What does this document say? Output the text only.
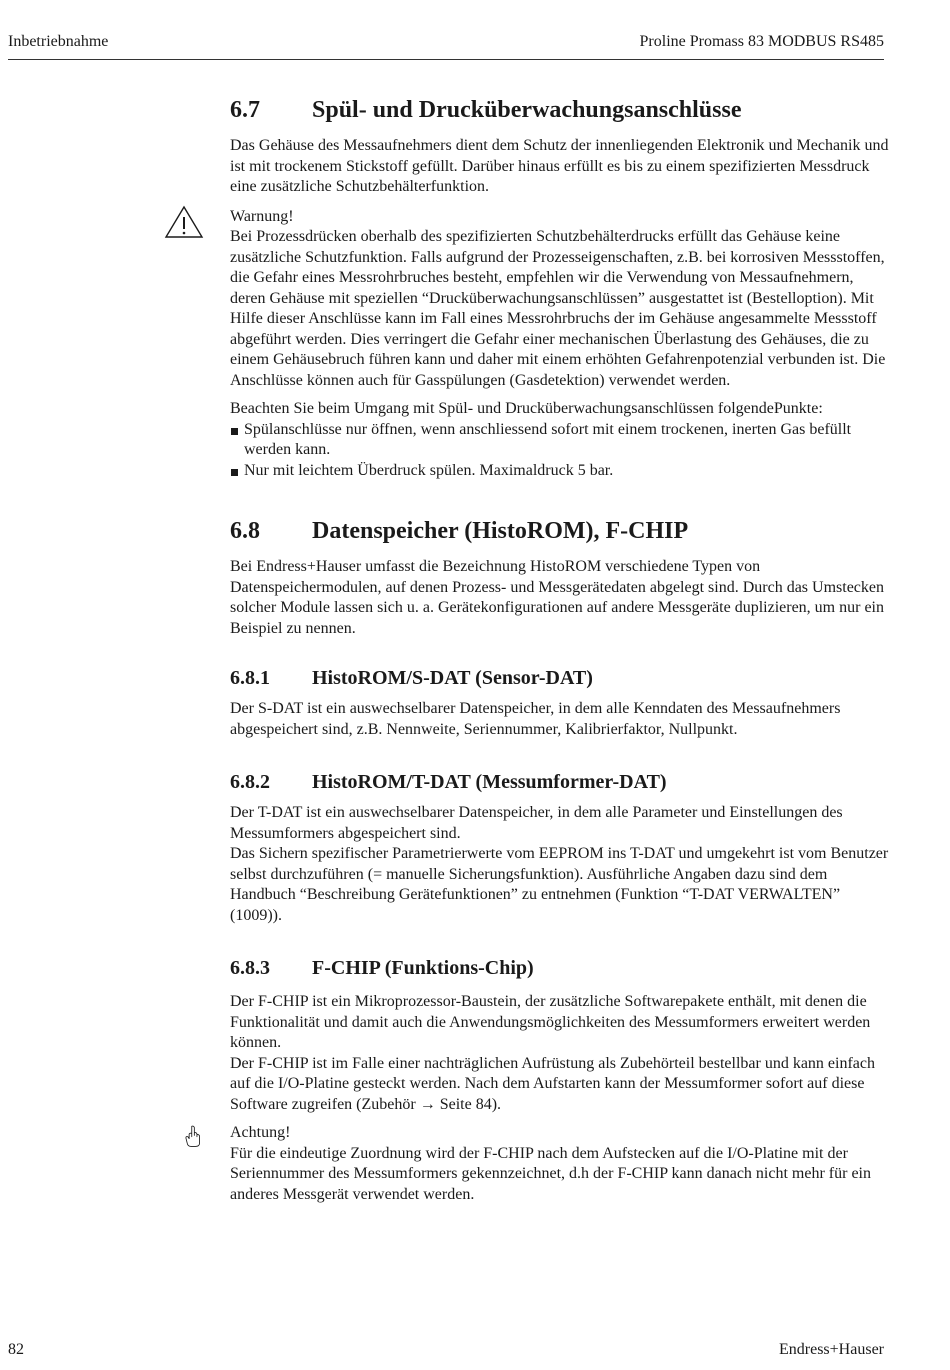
Inbetriebnahme	Proline Promass 83 MODBUS RS485
6.7	Spül- und Drucküberwachungsanschlüsse

Das Gehäuse des Messaufnehmers dient dem Schutz der innenliegenden Elektronik und Mechanik und ist mit trockenem Stickstoff gefüllt. Darüber hinaus erfüllt es bis zu einem spezifizierten Messdruck eine zusätzliche Schutzbehälterfunktion.

Warnung!

Bei Prozessdrücken oberhalb des spezifizierten Schutzbehälterdrucks erfüllt das Gehäuse keine zusätzliche Schutzfunktion. Falls aufgrund der Prozesseigenschaften, z.B. bei korrosiven Messstoffen, die Gefahr eines Messrohrbruches besteht, empfehlen wir die Verwendung von Messaufnehmern, deren Gehäuse mit speziellen “Drucküberwachungsanschlüssen” ausgestattet ist (Bestelloption). Mit Hilfe dieser Anschlüsse kann im Fall eines Messrohrbruchs der im Gehäuse angesammelte Messstoff abgeführt werden. Dies verringert die Gefahr einer mechanischen Überlastung des Gehäuses, die zu einem Gehäusebruch führen kann und daher mit einem erhöhten Gefahrenpotenzial verbunden ist. Die Anschlüsse können auch für Gasspülungen (Gasdetektion) verwendet werden.

Beachten Sie beim Umgang mit Spül- und Drucküberwachungsanschlüssen folgendePunkte:

Spülanschlüsse nur öffnen, wenn anschliessend sofort mit einem trockenen, inerten Gas befüllt werden kann.
Nur mit leichtem Überdruck spülen. Maximaldruck 5 bar.
6.8	Datenspeicher (HistoROM), F-CHIP

Bei Endress+Hauser umfasst die Bezeichnung HistoROM verschiedene Typen von Datenspeichermodulen, auf denen Prozess- und Messgerätedaten abgelegt sind. Durch das Umstecken solcher Module lassen sich u. a. Gerätekonfigurationen auf andere Messgeräte duplizieren, um nur ein Beispiel zu nennen.

6.8.1	HistoROM/S-DAT (Sensor-DAT)

Der S-DAT ist ein auswechselbarer Datenspeicher, in dem alle Kenndaten des Messaufnehmers abgespeichert sind, z.B. Nennweite, Seriennummer, Kalibrierfaktor, Nullpunkt.

6.8.2	HistoROM/T-DAT (Messumformer-DAT)

Der T-DAT ist ein auswechselbarer Datenspeicher, in dem alle Parameter und Einstellungen des Messumformers abgespeichert sind.

Das Sichern spezifischer Parametrierwerte vom EEPROM ins T-DAT und umgekehrt ist vom Benutzer selbst durchzuführen (= manuelle Sicherungsfunktion). Ausführliche Angaben dazu sind dem Handbuch “Beschreibung Gerätefunktionen” zu entnehmen (Funktion “T-DAT VERWALTEN” (1009)).

6.8.3	F-CHIP (Funktions-Chip)

Der F-CHIP ist ein Mikroprozessor-Baustein, der zusätzliche Softwarepakete enthält, mit denen die Funktionalität und damit auch die Anwendungsmöglichkeiten des Messumformers erweitert werden können.

Der F-CHIP ist im Falle einer nachträglichen Aufrüstung als Zubehörteil bestellbar und kann einfach auf die I/O-Platine gesteckt werden. Nach dem Aufstarten kann der Messumformer sofort auf diese Software zugreifen (Zubehör → Seite 84).

Achtung!

Für die eindeutige Zuordnung wird der F-CHIP nach dem Aufstecken auf die I/O-Platine mit der Seriennummer des Messumformers gekennzeichnet, d.h der F-CHIP kann danach nicht mehr für ein anderes Messgerät verwendet werden.

82	Endress+Hauser
